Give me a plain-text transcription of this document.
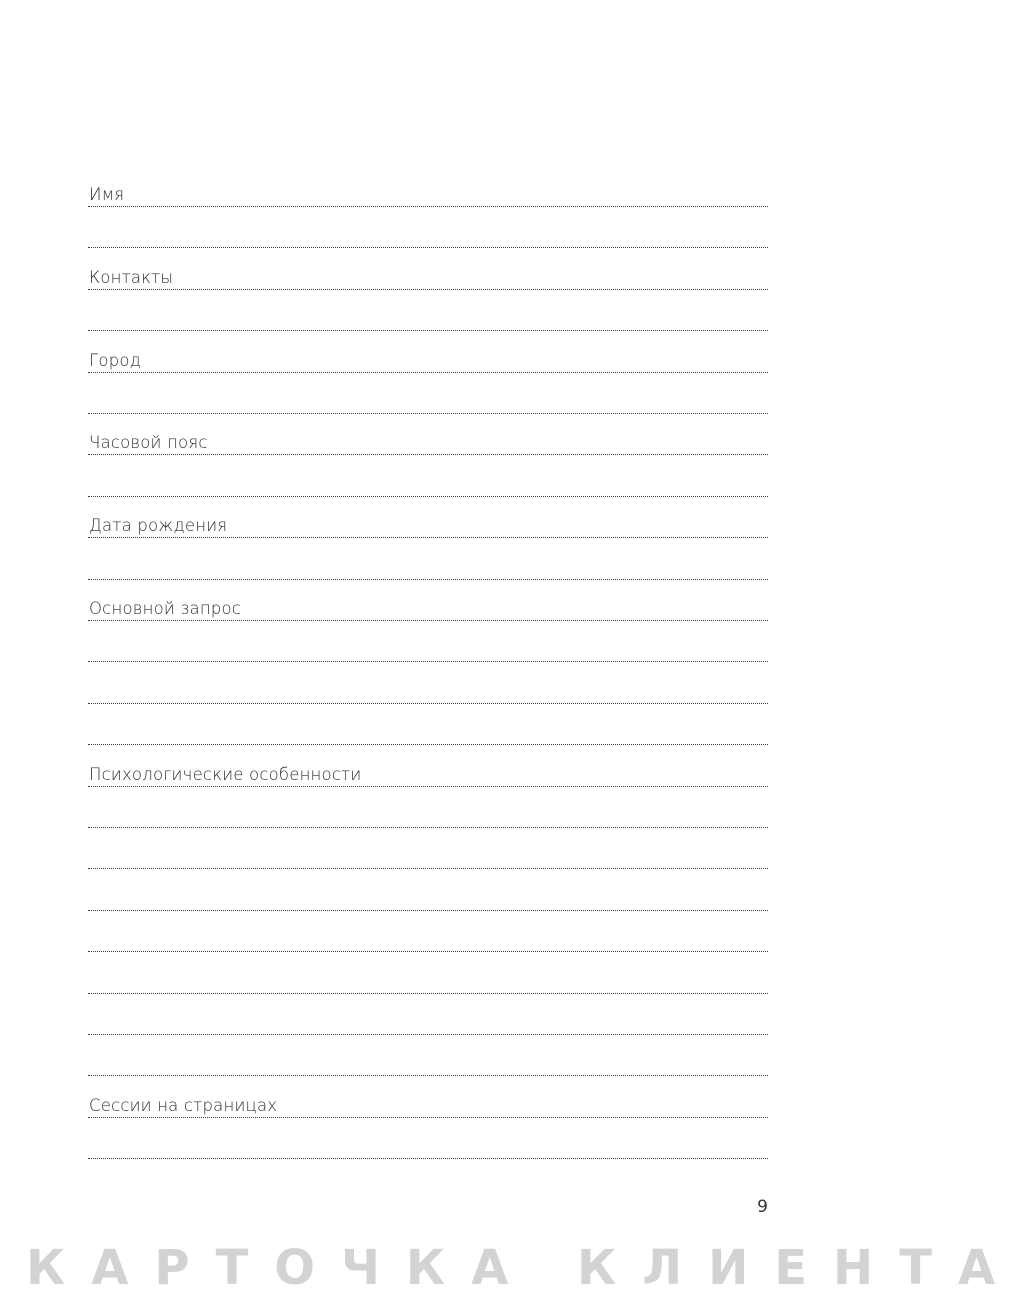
Имя
Контакты
Город
Часовой пояс
Дата рождения
Основной запрос
Психологические особенности
Сессии на страницах
9
КАРТОЧКА КЛИЕНТА
